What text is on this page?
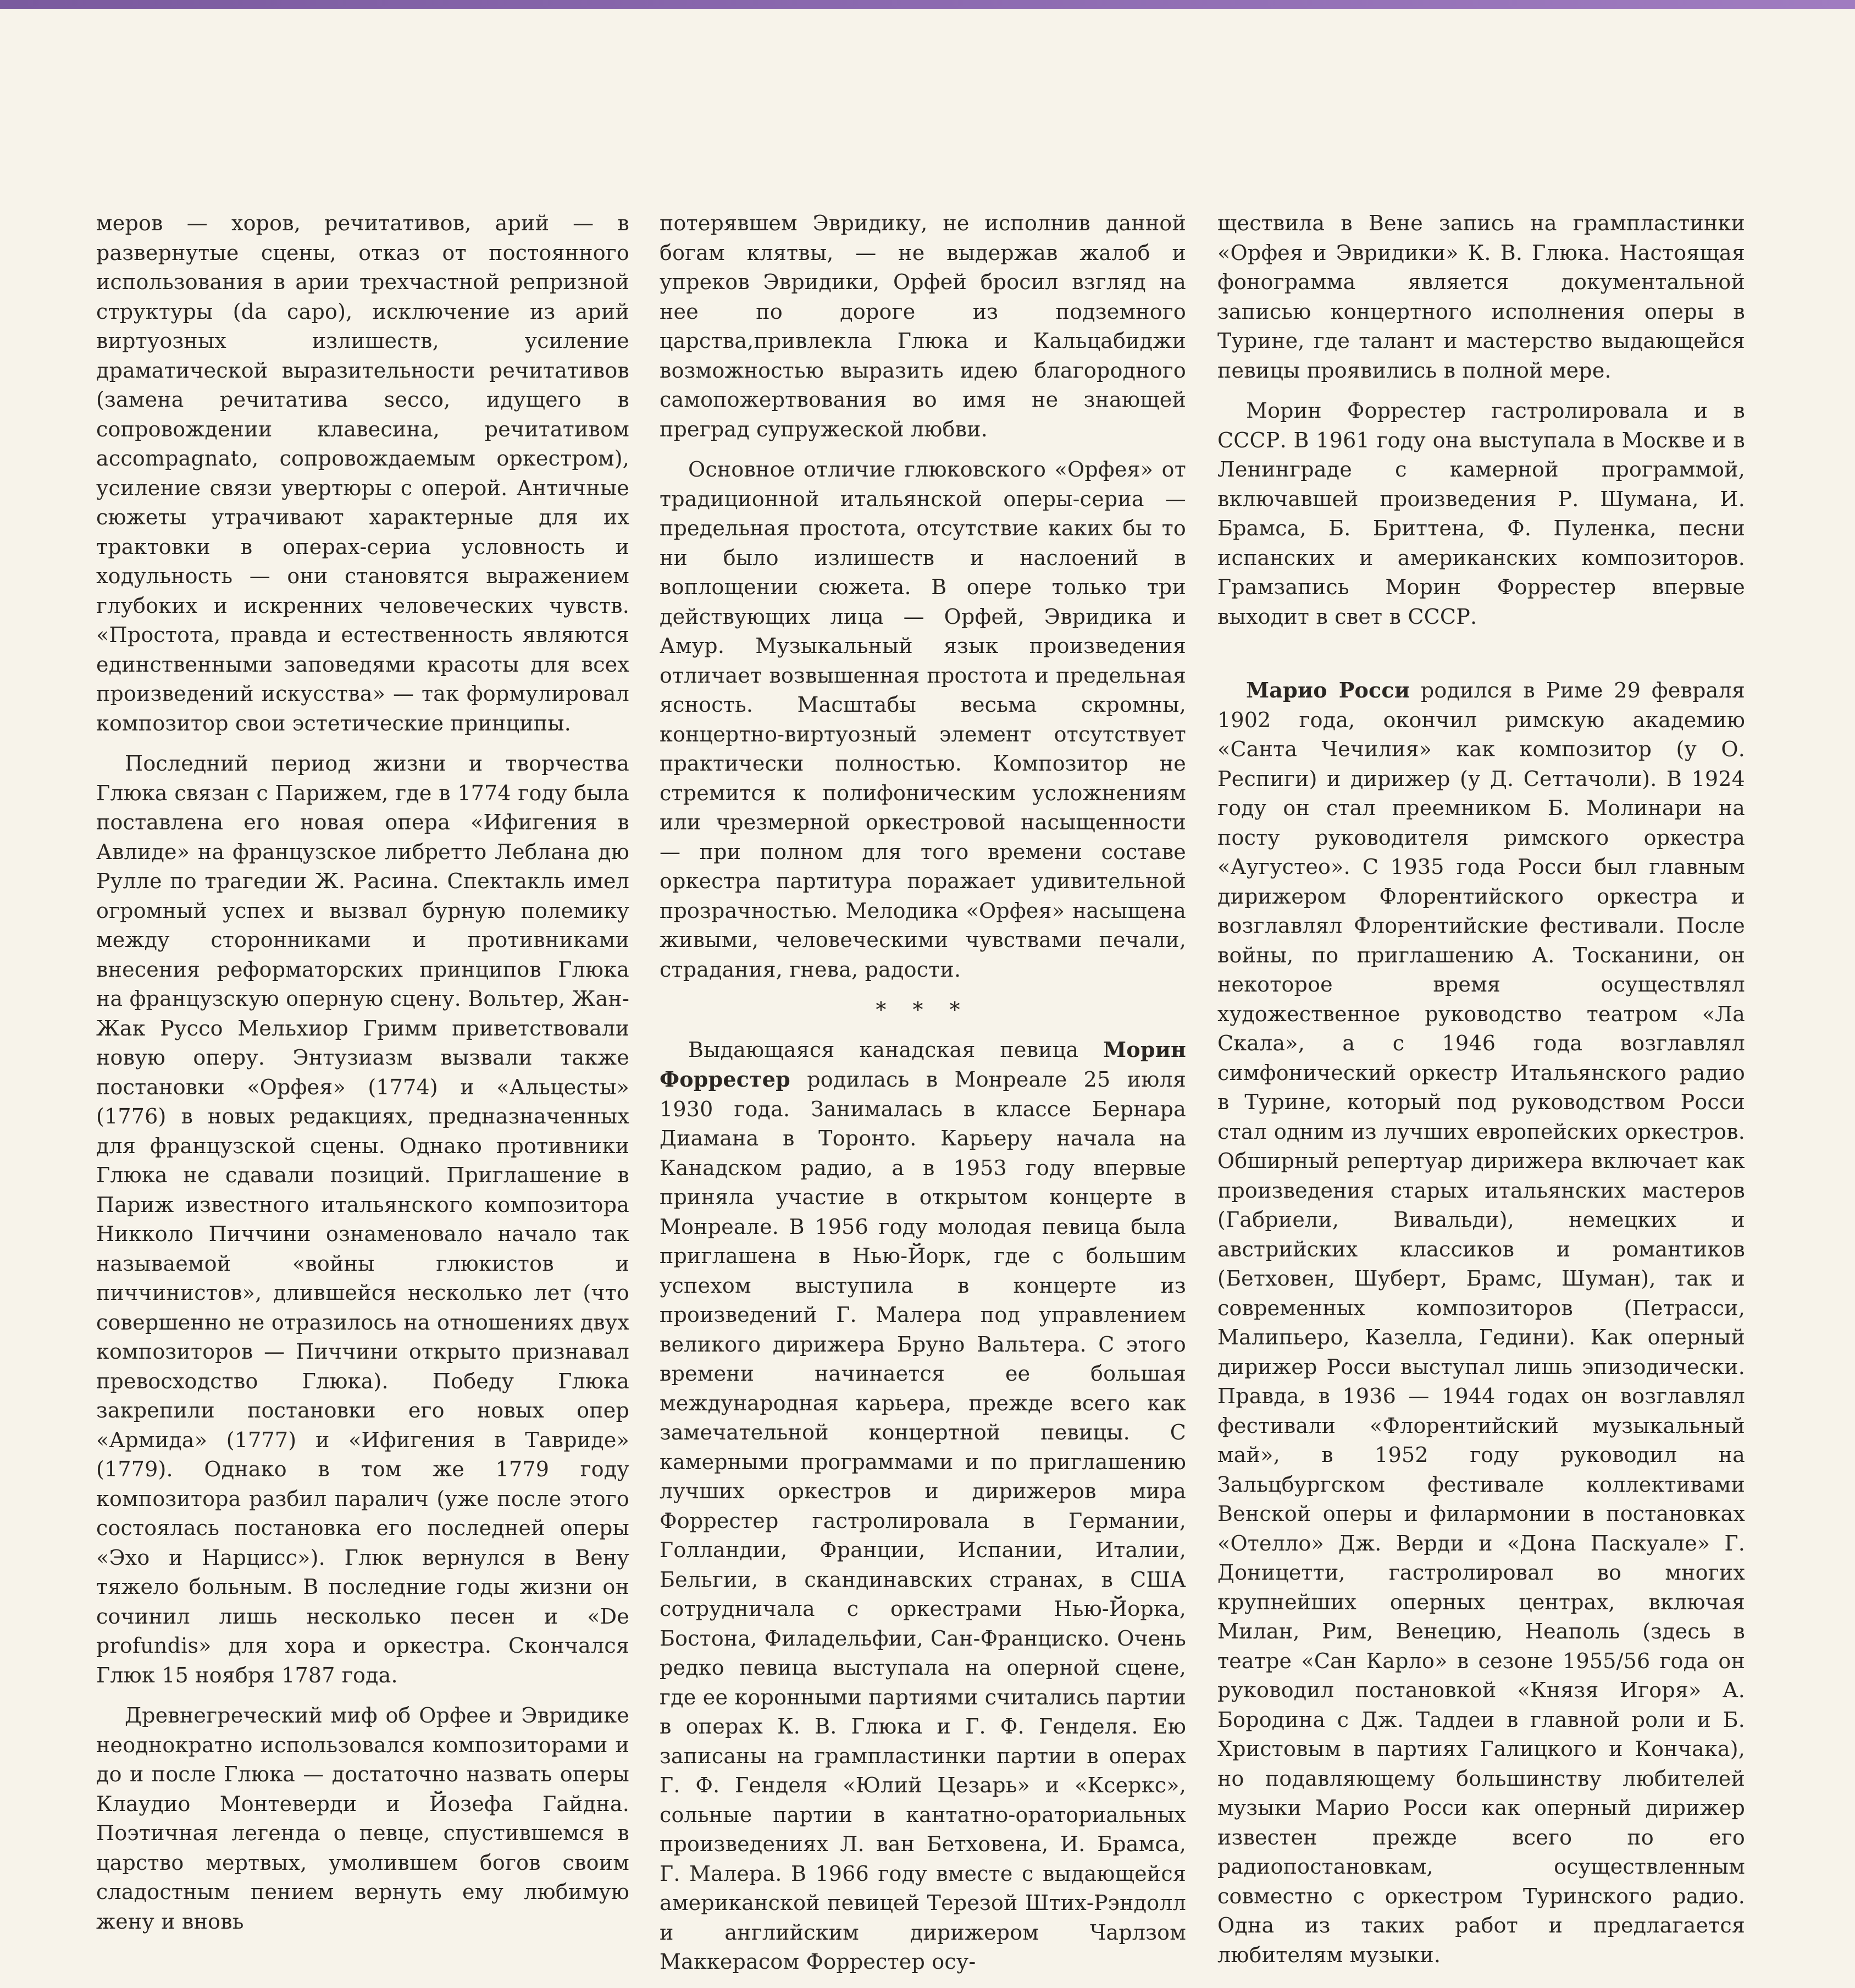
меров — хоров, речитативов, арий — в развернутые сцены, отказ от постоянного использования в арии трехчастной репризной структуры (da capo), исключение из арий виртуозных излишеств, усиление драматической выразительности речитативов (замена речитатива secco, идущего в сопровождении клавесина, речитативом accompagnato, сопровождаемым оркестром), усиление связи увертюры с оперой. Античные сюжеты утрачивают характерные для их трактовки в операх-сериа условность и ходульность — они становятся выражением глубоких и искренних человеческих чувств. «Простота, правда и естественность являются единственными заповедями красоты для всех произведений искусства» — так формулировал композитор свои эстетические принципы.

Последний период жизни и творчества Глюка связан с Парижем, где в 1774 году была поставлена его новая опера «Ифигения в Авлиде» на французское либретто Леблана дю Рулле по трагедии Ж. Расина. Спектакль имел огромный успех и вызвал бурную полемику между сторонниками и противниками внесения реформаторских принципов Глюка на французскую оперную сцену. Вольтер, Жан-Жак Руссо Мельхиор Гримм приветствовали новую оперу. Энтузиазм вызвали также постановки «Орфея» (1774) и «Альцесты» (1776) в новых редакциях, предназначенных для французской сцены. Однако противники Глюка не сдавали позиций. Приглашение в Париж известного итальянского композитора Никколо Пиччини ознаменовало начало так называемой «войны глюкистов и пиччинистов», длившейся несколько лет (что совершенно не отразилось на отношениях двух композиторов — Пиччини открыто признавал превосходство Глюка). Победу Глюка закрепили постановки его новых опер «Армида» (1777) и «Ифигения в Тавриде» (1779). Однако в том же 1779 году композитора разбил паралич (уже после этого состоялась постановка его последней оперы «Эхо и Нарцисс»). Глюк вернулся в Вену тяжело больным. В последние годы жизни он сочинил лишь несколько песен и «De profundis» для хора и оркестра. Скончался Глюк 15 ноября 1787 года.

Древнегреческий миф об Орфее и Эвридике неоднократно использовался композиторами и до и после Глюка — достаточно назвать оперы Клаудио Монтеверди и Йозефа Гайдна. Поэтичная легенда о певце, спустившемся в царство мертвых, умолившем богов своим сладостным пением вернуть ему любимую жену и вновь

потерявшем Эвридику, не исполнив данной богам клятвы, — не выдержав жалоб и упреков Эвридики, Орфей бросил взгляд на нее по дороге из подземного царства,привлекла Глюка и Кальцабиджи возможностью выразить идею благородного самопожертвования во имя не знающей преград супружеской любви.

Основное отличие глюковского «Орфея» от традиционной итальянской оперы-сериа — предельная простота, отсутствие каких бы то ни было излишеств и наслоений в воплощении сюжета. В опере только три действующих лица — Орфей, Эвридика и Амур. Музыкальный язык произведения отличает возвышенная простота и предельная ясность. Масштабы весьма скромны, концертно-виртуозный элемент отсутствует практически полностью. Композитор не стремится к полифоническим усложнениям или чрезмерной оркестровой насыщенности — при полном для того времени составе оркестра партитура поражает удивительной прозрачностью. Мелодика «Орфея» насыщена живыми, человеческими чувствами печали, страдания, гнева, радости.

* * *

Выдающаяся канадская певица Морин Форрестер родилась в Монреале 25 июля 1930 года. Занималась в классе Бернара Диамана в Торонто. Карьеру начала на Канадском радио, а в 1953 году впервые приняла участие в открытом концерте в Монреале. В 1956 году молодая певица была приглашена в Нью-Йорк, где с большим успехом выступила в концерте из произведений Г. Малера под управлением великого дирижера Бруно Вальтера. С этого времени начинается ее большая международная карьера, прежде всего как замечательной концертной певицы. С камерными программами и по приглашению лучших оркестров и дирижеров мира Форрестер гастролировала в Германии, Голландии, Франции, Испании, Италии, Бельгии, в скандинавских странах, в США сотрудничала с оркестрами Нью-Йорка, Бостона, Филадельфии, Сан-Франциско. Очень редко певица выступала на оперной сцене, где ее коронными партиями считались партии в операх К. В. Глюка и Г. Ф. Генделя. Ею записаны на грампластинки партии в операх Г. Ф. Генделя «Юлий Цезарь» и «Ксеркс», сольные партии в кантатно-ораториальных произведениях Л. ван Бетховена, И. Брамса, Г. Малера. В 1966 году вместе с выдающейся американской певицей Терезой Штих-Рэндолл и английским дирижером Чарлзом Маккерасом Форрестер осу-

ществила в Вене запись на грампластинки «Орфея и Эвридики» К. В. Глюка. Настоящая фонограмма является документальной записью концертного исполнения оперы в Турине, где талант и мастерство выдающейся певицы проявились в полной мере.

Морин Форрестер гастролировала и в СССР. В 1961 году она выступала в Москве и в Ленинграде с камерной программой, включавшей произведения Р. Шумана, И. Брамса, Б. Бриттена, Ф. Пуленка, песни испанских и американских композиторов. Грамзапись Морин Форрестер впервые выходит в свет в СССР.

Марио Росси родился в Риме 29 февраля 1902 года, окончил римскую академию «Санта Чечилия» как композитор (у О. Респиги) и дирижер (у Д. Сеттачоли). В 1924 году он стал преемником Б. Молинари на посту руководителя римского оркестра «Аугустео». С 1935 года Росси был главным дирижером Флорентийского оркестра и возглавлял Флорентийские фестивали. После войны, по приглашению А. Тосканини, он некоторое время осуществлял художественное руководство театром «Ла Скала», а с 1946 года возглавлял симфонический оркестр Итальянского радио в Турине, который под руководством Росси стал одним из лучших европейских оркестров. Обширный репертуар дирижера включает как произведения старых итальянских мастеров (Габриели, Вивальди), немецких и австрийских классиков и романтиков (Бетховен, Шуберт, Брамс, Шуман), так и современных композиторов (Петрасси, Малипьеро, Казелла, Гедини). Как оперный дирижер Росси выступал лишь эпизодически. Правда, в 1936 — 1944 годах он возглавлял фестивали «Флорентийский музыкальный май», в 1952 году руководил на Зальцбургском фестивале коллективами Венской оперы и филармонии в постановках «Отелло» Дж. Верди и «Дона Паскуале» Г. Доницетти, гастролировал во многих крупнейших оперных центрах, включая Милан, Рим, Венецию, Неаполь (здесь в театре «Сан Карло» в сезоне 1955/56 года он руководил постановкой «Князя Игоря» А. Бородина с Дж. Таддеи в главной роли и Б. Христовым в партиях Галицкого и Кончака), но подавляющему большинству любителей музыки Марио Росси как оперный дирижер известен прежде всего по его радиопостановкам, осуществленным совместно с оркестром Туринского радио. Одна из таких работ и предлагается любителям музыки.
